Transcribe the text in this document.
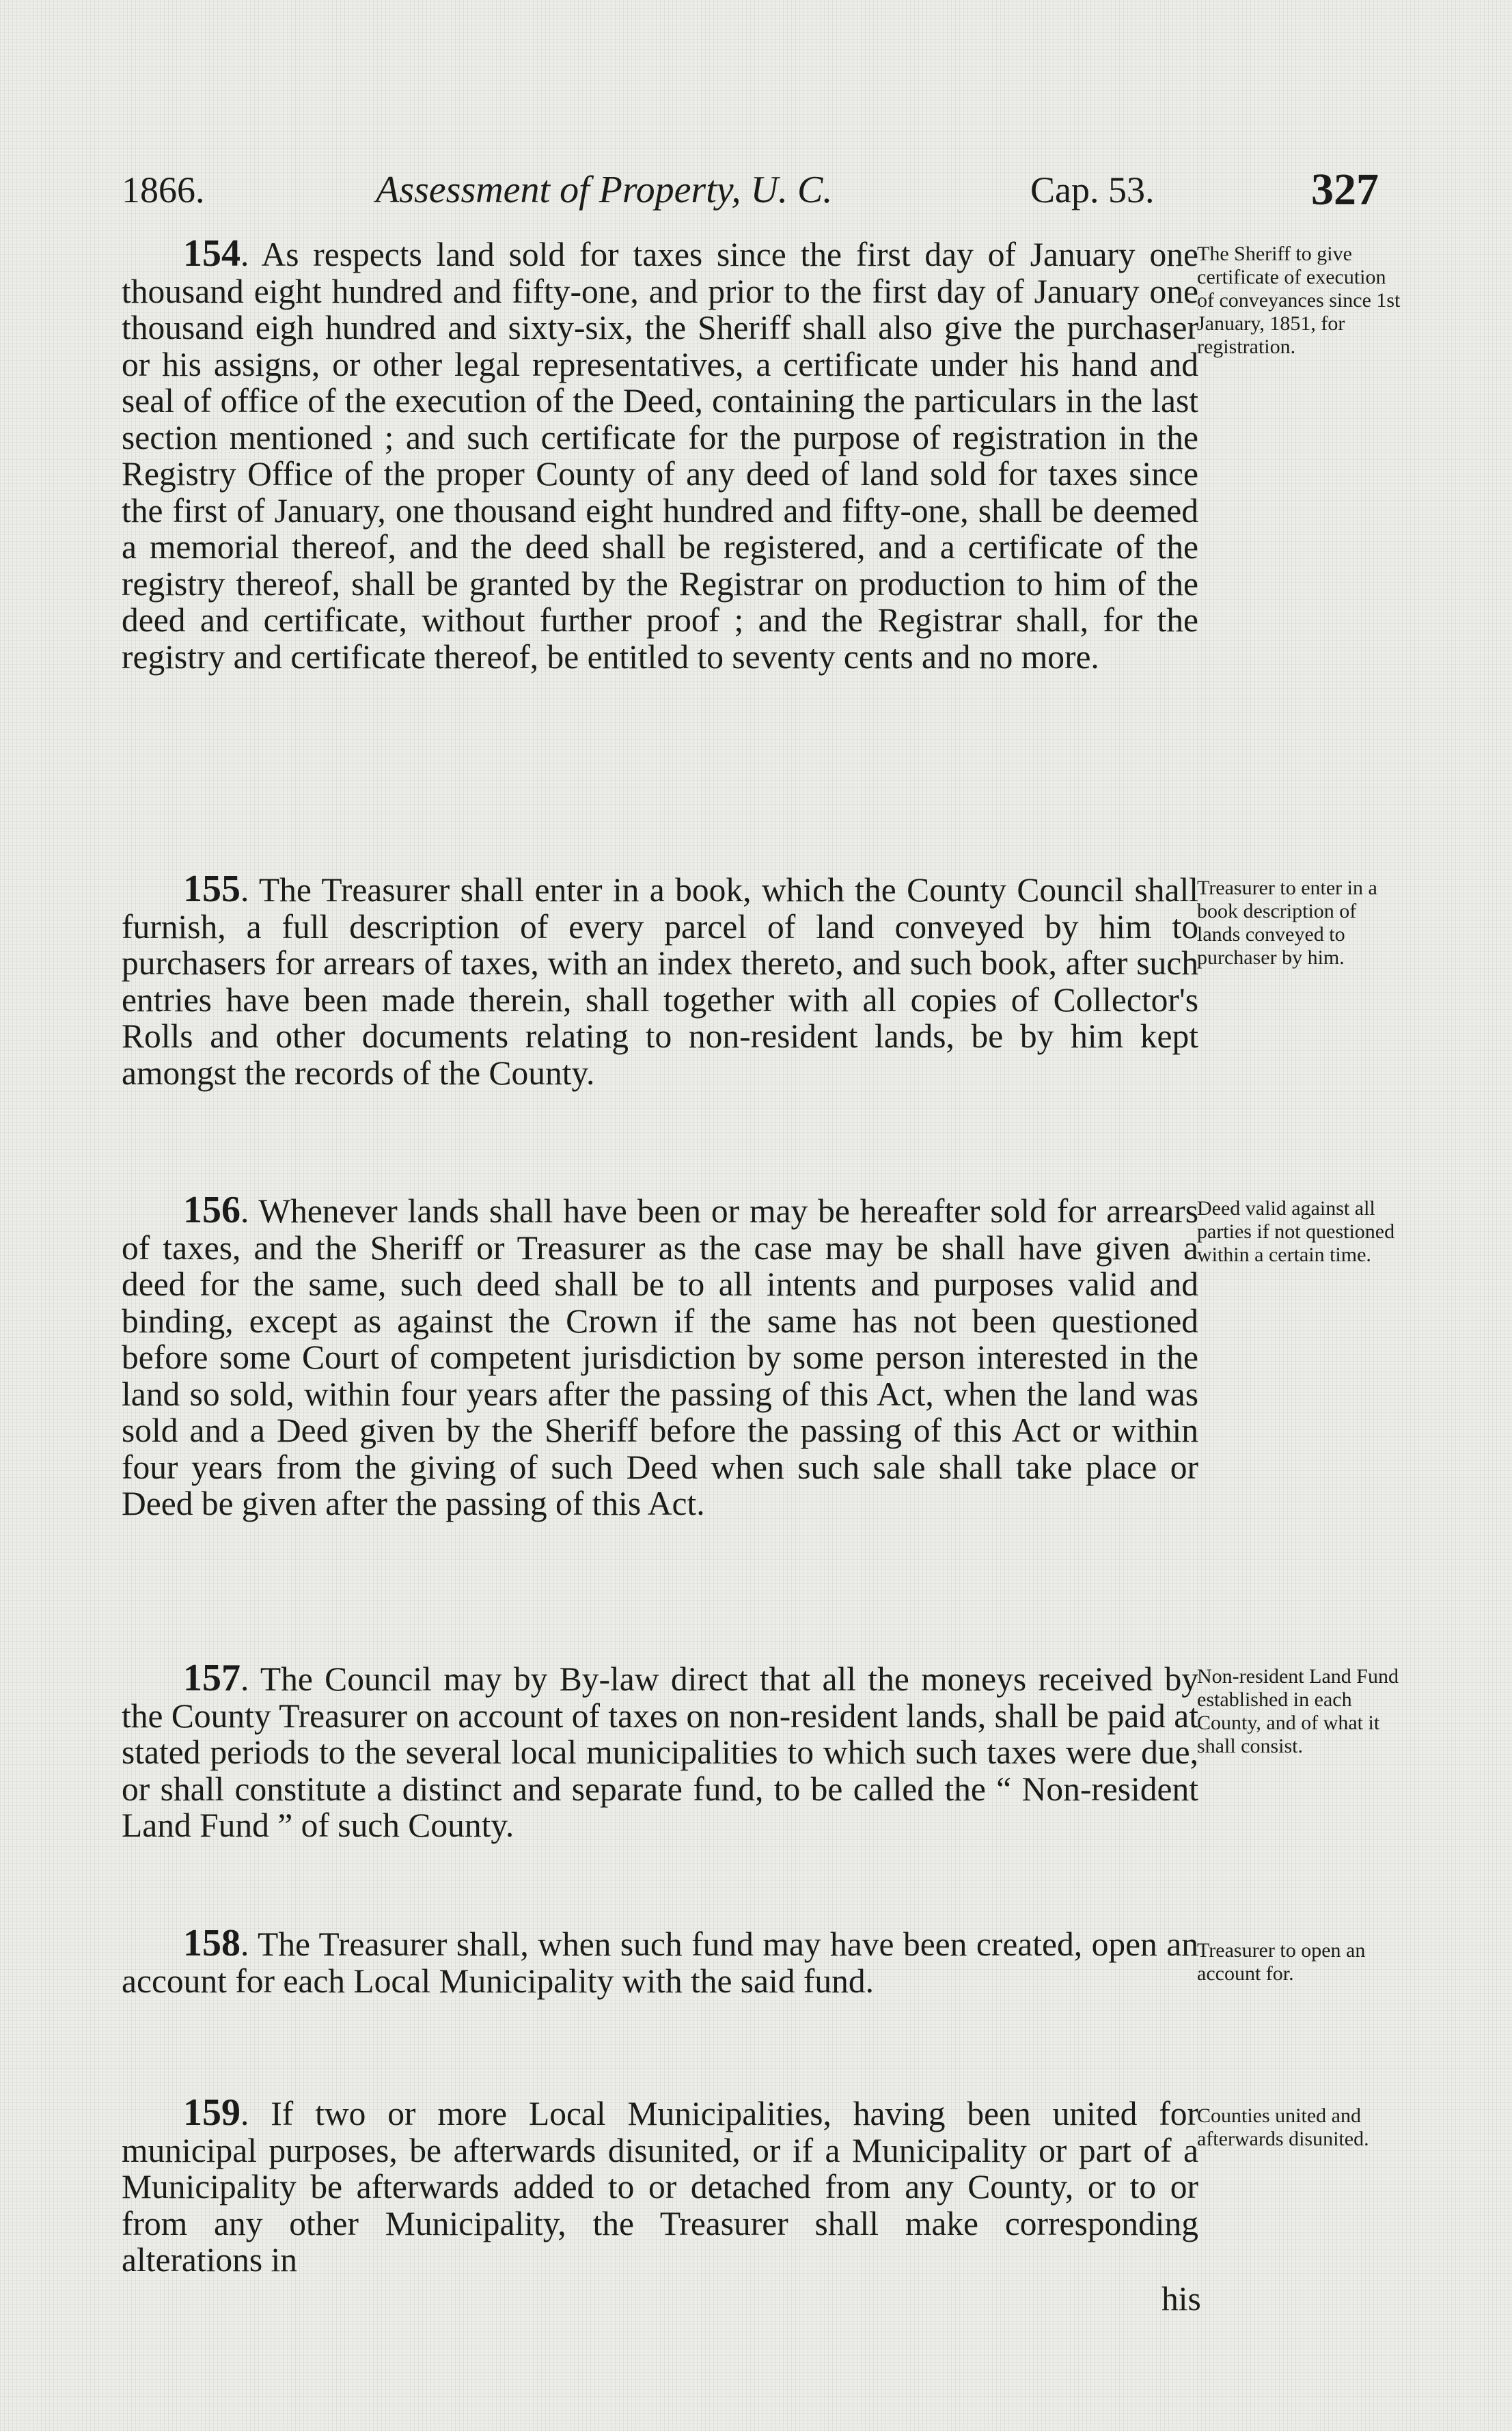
1866.	Assessment of Property, U. C.	Cap. 53.	327

154. As respects land sold for taxes since the first day of January one thousand eight hundred and fifty-one, and prior to the first day of January one thousand eigh hundred and sixty-six, the Sheriff shall also give the purchaser or his assigns, or other legal representatives, a certificate under his hand and seal of office of the execution of the Deed, containing the particulars in the last section mentioned ; and such certificate for the purpose of registration in the Registry Office of the proper County of any deed of land sold for taxes since the first of January, one thousand eight hundred and fifty-one, shall be deemed a memorial thereof, and the deed shall be registered, and a certificate of the registry thereof, shall be granted by the Registrar on production to him of the deed and certificate, without further proof ; and the Registrar shall, for the registry and certificate thereof, be entitled to seventy cents and no more.

The Sheriff to give certificate of execution of conveyances since 1st January, 1851, for registration.

155. The Treasurer shall enter in a book, which the County Council shall furnish, a full description of every parcel of land conveyed by him to purchasers for arrears of taxes, with an index thereto, and such book, after such entries have been made therein, shall together with all copies of Collector's Rolls and other documents relating to non-resident lands, be by him kept amongst the records of the County.

Treasurer to enter in a book description of lands conveyed to purchaser by him.

156. Whenever lands shall have been or may be hereafter sold for arrears of taxes, and the Sheriff or Treasurer as the case may be shall have given a deed for the same, such deed shall be to all intents and purposes valid and binding, except as against the Crown if the same has not been questioned before some Court of competent jurisdiction by some person interested in the land so sold, within four years after the passing of this Act, when the land was sold and a Deed given by the Sheriff before the passing of this Act or within four years from the giving of such Deed when such sale shall take place or Deed be given after the passing of this Act.

Deed valid against all parties if not questioned within a certain time.

157. The Council may by By-law direct that all the moneys received by the County Treasurer on account of taxes on non-resident lands, shall be paid at stated periods to the several local municipalities to which such taxes were due, or shall constitute a distinct and separate fund, to be called the “ Non-resident Land Fund ” of such County.

Non-resident Land Fund established in each County, and of what it shall consist.

158. The Treasurer shall, when such fund may have been created, open an account for each Local Municipality with the said fund.

Treasurer to open an account for.

159. If two or more Local Municipalities, having been united for municipal purposes, be afterwards disunited, or if a Municipality or part of a Municipality be afterwards added to or detached from any County, or to or from any other Municipality, the Treasurer shall make corresponding alterations in

Counties united and afterwards disunited.

his
